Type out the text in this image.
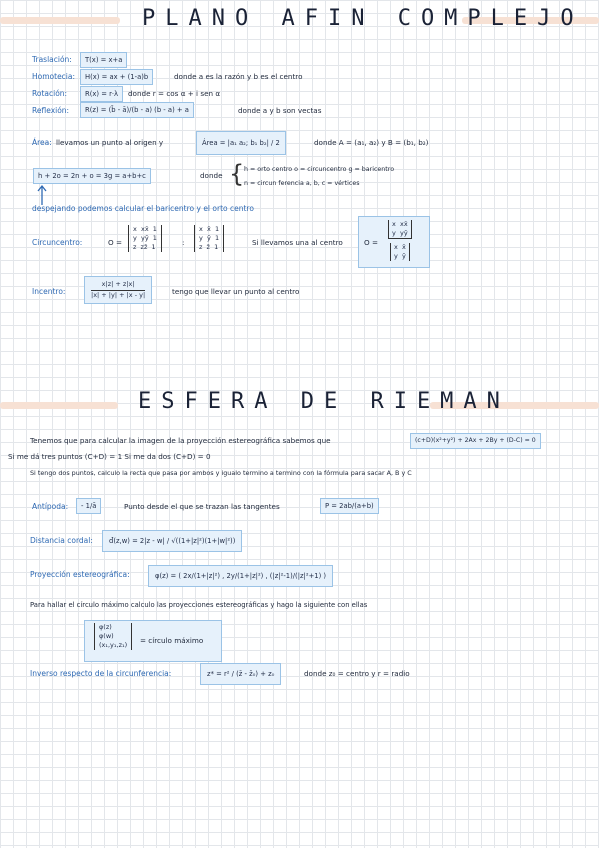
PLANO AFIN COMPLEJO
Traslación:	T(x) = x+a
Homotecia:	H(x) = ax + (1-a)b	donde a es la razón y b es el centro
Rotación:	R(x) = r·λ	donde r = cos α + i sen α
Reflexión:	R(z) = (b̄ - ā)/(b - a) (b - a) + a	donde a y b son vectas
Área: llevamos un punto al origen y	Área = |a₁ a₂; b₁ b₂| / 2	donde A = (a₁, a₂) y B = (b₁, b₂)
h + 2o = 2n + o = 3g = a+b+c	donde { h = orto centro o = circuncentro g = baricentro
n = circun ferencia a, b, c = vértices
despejando podemos calcular el baricentro y el orto centro
Circuncentro:	O =
x  xx̄  1
y  yȳ  1
z  zz̄  1	:
x  x̄  1
y  ȳ  1
z  z̄  1	Si llevamos una al centro	O =
x  xx̄
y  yȳ
x  x̄
y  ȳ
Incentro:	$\frac{x|z| + z|x|}{|x| + |y| + |x - y|}$	tengo que llevar un punto al centro
ESFERA DE RIEMAN
Tenemos que para calcular la imagen de la proyección estereográfica sabemos que	(c+D)(x²+y²) + 2Ax + 2By + (D-C) = 0
Si me dá tres puntos (C+D) = 1 Si me da dos (C+D) = 0
Si tengo dos puntos, calculo la recta que pasa por ambos y igualo termino a termino con la fórmula para sacar A, B y C
Antípoda:	- 1/ā	Punto desde el que se trazan las tangentes	P = 2ab/(a+b)
Distancia cordal:	d̂(z,w) = 2|z - w| / √((1+|z|²)(1+|w|²))
Proyección estereográfica:	φ(z) = ( 2x/(1+|z|²) , 2y/(1+|z|²) , (|z|²-1)/(|z|²+1) )
Para hallar el círculo máximo calculo las proyecciones estereográficas y hago la siguiente con ellas
φ(z)
φ(w)
(x₁,y₁,z₁) = círculo máximo
Inverso respecto de la circunferencia:	z* = r² / (z̄ - z̄₀) + z₀	donde z₀ = centro y r = radio
